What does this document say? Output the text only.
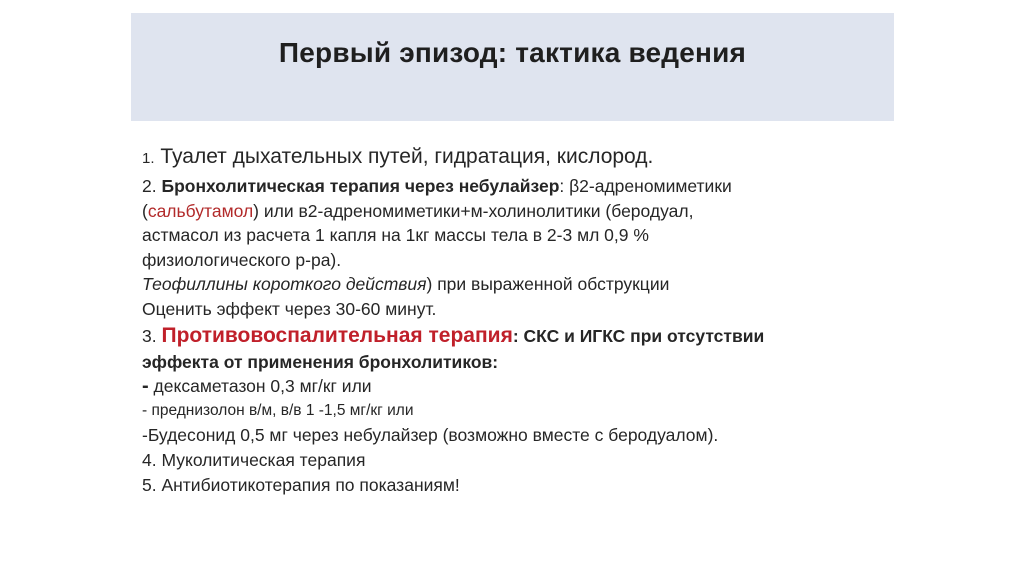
Первый эпизод: тактика ведения
1. Туалет дыхательных путей, гидратация, кислород.
2. Бронхолитическая терапия через небулайзер: β2-адреномиметики
(сальбутамол) или в2-адреномиметики+м-холинолитики (беродуал,
астмасол из расчета 1 капля на 1кг массы тела в 2-3 мл 0,9 %
физиологического р-ра).
Теофиллины короткого действия) при выраженной обструкции
Оценить эффект через 30-60 минут.
3. Противовоспалительная терапия: СКС и ИГКС при отсутствии
эффекта от применения бронхолитиков:
- дексаметазон 0,3 мг/кг или
- преднизолон в/м, в/в 1 -1,5 мг/кг или
-Будесонид 0,5 мг через небулайзер (возможно вместе с беродуалом).
4. Муколитическая терапия
5. Антибиотикотерапия по показаниям!
